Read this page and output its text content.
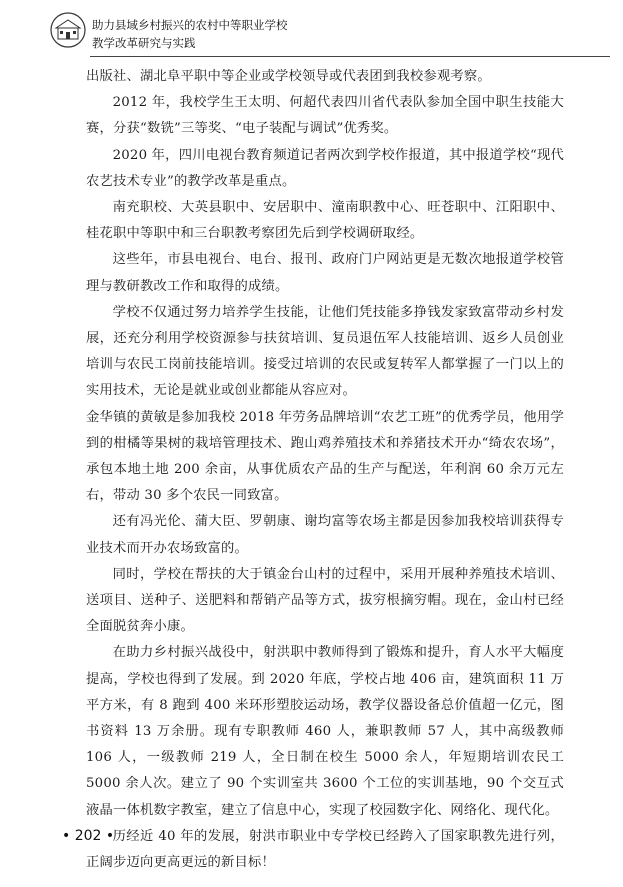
助力县域乡村振兴的农村中等职业学校
教学改革研究与实践

出版社、湖北阜平职中等企业或学校领导或代表团到我校参观考察。

2012 年，我校学生王太明、何超代表四川省代表队参加全国中职生技能大赛，分获“数铣”三等奖、“电子装配与调试”优秀奖。

2020 年，四川电视台教育频道记者两次到学校作报道，其中报道学校“现代农艺技术专业”的教学改革是重点。

南充职校、大英县职中、安居职中、潼南职教中心、旺苍职中、江阳职中、桂花职中等职中和三台职教考察团先后到学校调研取经。

这些年，市县电视台、电台、报刊、政府门户网站更是无数次地报道学校管理与教研教改工作和取得的成绩。

学校不仅通过努力培养学生技能，让他们凭技能多挣钱发家致富带动乡村发展，还充分利用学校资源参与扶贫培训、复员退伍军人技能培训、返乡人员创业培训与农民工岗前技能培训。接受过培训的农民或复转军人都掌握了一门以上的实用技术，无论是就业或创业都能从容应对。

金华镇的黄敏是参加我校 2018 年劳务品牌培训“农艺工班”的优秀学员，他用学到的柑橘等果树的栽培管理技术、跑山鸡养殖技术和养猪技术开办“绮农农场”，承包本地土地 200 余亩，从事优质农产品的生产与配送，年利润 60 余万元左右，带动 30 多个农民一同致富。

还有冯光伦、蒲大臣、罗朝康、谢均富等农场主都是因参加我校培训获得专业技术而开办农场致富的。

同时，学校在帮扶的大于镇金台山村的过程中，采用开展种养殖技术培训、送项目、送种子、送肥料和帮销产品等方式，拔穷根摘穷帽。现在，金山村已经全面脱贫奔小康。

在助力乡村振兴战役中，射洪职中教师得到了锻炼和提升，育人水平大幅度提高，学校也得到了发展。到 2020 年底，学校占地 406 亩，建筑面积 11 万平方米，有 8 跑到 400 米环形塑胶运动场，教学仪器设备总价值超一亿元，图书资料 13 万余册。现有专职教师 460 人，兼职教师 57 人，其中高级教师 106 人，一级教师 219 人，全日制在校生 5000 余人，年短期培训农民工 5000 余人次。建立了 90 个实训室共 3600 个工位的实训基地，90 个交互式液晶一体机数字教室，建立了信息中心，实现了校园数字化、网络化、现代化。

历经近 40 年的发展，射洪市职业中专学校已经跨入了国家职教先进行列，正阔步迈向更高更远的新目标！

• 202 •
